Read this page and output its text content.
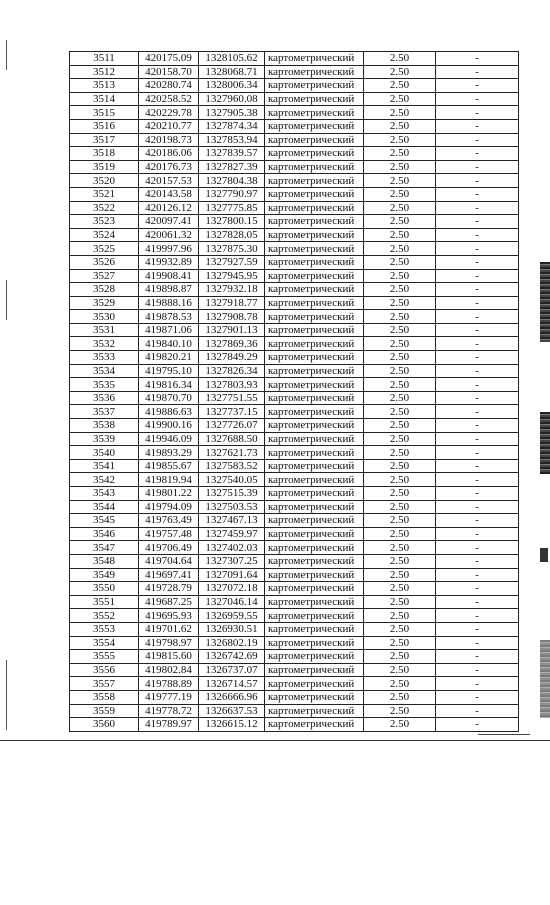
3511	420175.09	1328105.62	картометрический	2.50	-
3512	420158.70	1328068.71	картометрический	2.50	-
3513	420280.74	1328006.34	картометрический	2.50	-
3514	420258.52	1327960.08	картометрический	2.50	-
3515	420229.78	1327905.38	картометрический	2.50	-
3516	420210.77	1327874.34	картометрический	2.50	-
3517	420198.73	1327853.94	картометрический	2.50	-
3518	420186.06	1327839.57	картометрический	2.50	-
3519	420176.73	1327827.39	картометрический	2.50	-
3520	420157.53	1327804.38	картометрический	2.50	-
3521	420143.58	1327790.97	картометрический	2.50	-
3522	420126.12	1327775.85	картометрический	2.50	-
3523	420097.41	1327800.15	картометрический	2.50	-
3524	420061.32	1327828.05	картометрический	2.50	-
3525	419997.96	1327875.30	картометрический	2.50	-
3526	419932.89	1327927.59	картометрический	2.50	-
3527	419908.41	1327945.95	картометрический	2.50	-
3528	419898.87	1327932.18	картометрический	2.50	-
3529	419888.16	1327918.77	картометрический	2.50	-
3530	419878.53	1327908.78	картометрический	2.50	-
3531	419871.06	1327901.13	картометрический	2.50	-
3532	419840.10	1327869.36	картометрический	2.50	-
3533	419820.21	1327849.29	картометрический	2.50	-
3534	419795.10	1327826.34	картометрический	2.50	-
3535	419816.34	1327803.93	картометрический	2.50	-
3536	419870.70	1327751.55	картометрический	2.50	-
3537	419886.63	1327737.15	картометрический	2.50	-
3538	419900.16	1327726.07	картометрический	2.50	-
3539	419946.09	1327688.50	картометрический	2.50	-
3540	419893.29	1327621.73	картометрический	2.50	-
3541	419855.67	1327583.52	картометрический	2.50	-
3542	419819.94	1327540.05	картометрический	2.50	-
3543	419801.22	1327515.39	картометрический	2.50	-
3544	419794.09	1327503.53	картометрический	2.50	-
3545	419763.49	1327467.13	картометрический	2.50	-
3546	419757.48	1327459.97	картометрический	2.50	-
3547	419706.49	1327402.03	картометрический	2.50	-
3548	419704.64	1327307.25	картометрический	2.50	-
3549	419697.41	1327091.64	картометрический	2.50	-
3550	419728.79	1327072.18	картометрический	2.50	-
3551	419687.25	1327046.14	картометрический	2.50	-
3552	419695.93	1326959.55	картометрический	2.50	-
3553	419701.62	1326930.51	картометрический	2.50	-
3554	419798.97	1326802.19	картометрический	2.50	-
3555	419815.60	1326742.69	картометрический	2.50	-
3556	419802.84	1326737.07	картометрический	2.50	-
3557	419788.89	1326714.57	картометрический	2.50	-
3558	419777.19	1326666.96	картометрический	2.50	-
3559	419778.72	1326637.53	картометрический	2.50	-
3560	419789.97	1326615.12	картометрический	2.50	-
